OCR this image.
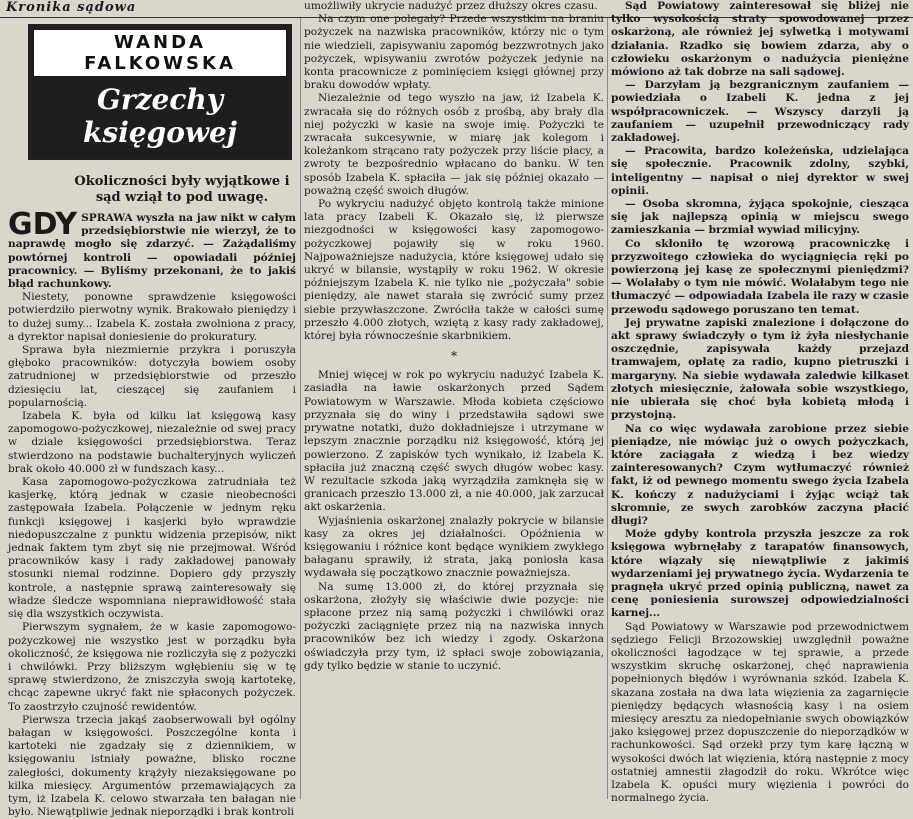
Kronika sądowa
WANDA FALKOWSKA
Grzechy księgowej
Okoliczności były wyjątkowe i sąd wziął to pod uwagę.

GDY SPRAWA wyszła na jaw nikt w całym przedsiębiorstwie nie wierzył, że to naprawdę mogło się zdarzyć. — Zażądaliśmy powtórnej kontroli — opowiadali później pracownicy. — Byliśmy przekonani, że to jakiś błąd rachunkowy.

Niestety, ponowne sprawdzenie księgowości potwierdziło pierwotny wynik. Brakowało pieniędzy i to dużej sumy... Izabela K. została zwolniona z pracy, a dyrektor napisał doniesienie do prokuratury.

Sprawa była niezmiernie przykra i poruszyła głęboko pracowników: dotyczyła bowiem osoby zatrudnionej w przedsiębiorstwie od przeszło dziesięciu lat, cieszącej się zaufaniem i popularnością.

Izabela K. była od kilku lat księgową kasy zapomogowo-pożyczkowej, niezależnie od swej pracy w dziale księgowości przedsiębiorstwa. Teraz stwierdzono na podstawie buchalteryjnych wyliczeń brak około 40.000 zł w fundszach kasy...

Kasa zapomogowo-pożyczkowa zatrudniała też kasjerkę, którą jednak w czasie nieobecności zastępowała Izabela. Połączenie w jednym ręku funkcji księgowej i kasjerki było wprawdzie niedopuszczalne z punktu widzenia przepisów, nikt jednak faktem tym zbyt się nie przejmował. Wśród pracowników kasy i rady zakładowej panowały stosunki niemal rodzinne. Dopiero gdy przyszły kontrole, a następnie sprawą zainteresowały się władze śledcze wspomniana nieprawidłowość stała się dla wszystkich oczywista.

Pierwszym sygnałem, że w kasie zapomogowo-pożyczkowej nie wszystko jest w porządku była okoliczność, że księgowa nie rozliczyła się z pożyczki i chwilówki. Przy bliższym wgłębieniu się w tę sprawę stwierdzono, że zniszczyła swoją kartotekę, chcąc zapewne ukryć fakt nie spłaconych pożyczek. To zaostrzyło czujność rewidentów.

Pierwsza trzecia jakąś zaobserwowali był ogólny bałagan w księgowości. Poszczególne konta i kartoteki nie zgadzały się z dziennikiem, w księgowaniu istniały poważne, blisko roczne zaległości, dokumenty krążyły niezaksięgowane po kilka miesięcy. Argumentów przemawiających za tym, iż Izabela K. celowo stwarzała ten bałagan nie było. Niewątpliwie jednak nieporządki i brak kontroli

umożliwiły ukrycie nadużyć przez dłuższy okres czasu.

Na czym one polegały? Przede wszystkim na braniu pożyczek na nazwiska pracowników, którzy nic o tym nie wiedzieli, zapisywaniu zapomóg bezzwrotnych jako pożyczek, wpisywaniu zwrotów pożyczek jedynie na konta pracownicze z pominięciem księgi głównej przy braku dowodów wpłaty.

Niezależnie od tego wyszło na jaw, iż Izabela K. zwracała się do różnych osób z prośbą, aby brały dla niej pożyczki w kasie na swoje imię. Pożyczki te zwracała sukcesywnie, w miarę jak kolegom i koleżankom strącano raty pożyczek przy liście płacy, a zwroty te bezpośrednio wpłacano do banku. W ten sposób Izabela K. spłaciła — jak się później okazało — poważną część swoich długów.

Po wykryciu nadużyć objęto kontrolą także minione lata pracy Izabeli K. Okazało się, iż pierwsze niezgodności w księgowości kasy zapomogowo-pożyczkowej pojawiły się w roku 1960. Najpoważniejsze nadużycia, które księgowej udało się ukryć w bilansie, wystąpiły w roku 1962. W okresie późniejszym Izabela K. nie tylko nie „pożyczała" sobie pieniędzy, ale nawet starała się zwrócić sumy przez siebie przywłaszczone. Zwróciła także w całości sumę przeszło 4.000 złotych, wziętą z kasy rady zakładowej, której była równocześnie skarbnikiem.

*

Mniej więcej w rok po wykryciu nadużyć Izabela K. zasiadła na ławie oskarżonych przed Sądem Powiatowym w Warszawie. Młoda kobieta częściowo przyznała się do winy i przedstawiła sądowi swe prywatne notatki, dużo dokładniejsze i utrzymane w lepszym znacznie porządku niż księgowość, którą jej powierzono. Z zapisków tych wynikało, iż Izabela K. spłaciła już znaczną część swych długów wobec kasy. W rezultacie szkoda jaką wyrządziła zamknęła się w granicach przeszło 13.000 zł, a nie 40.000, jak zarzucał akt oskarżenia.

Wyjaśnienia oskarżonej znalazły pokrycie w bilansie kasy za okres jej działalności. Opóźnienia w księgowaniu i różnice kont będące wynikiem zwykłego bałaganu sprawiły, iż strata, jaką poniosła kasa wydawała się początkowo znacznie poważniejsza.

Na sumę 13.000 zł, do której przyznała się oskarżona, złożyły się właściwie dwie pozycje: nie spłacone przez nią samą pożyczki i chwilówki oraz pożyczki zaciągnięte przez nią na nazwiska innych pracowników bez ich wiedzy i zgody. Oskarżona oświadczyła przy tym, iż spłaci swoje zobowiązania, gdy tylko będzie w stanie to uczynić.

Sąd Powiatowy zainteresował się bliżej nie tylko wysokością straty spowodowanej przez oskarżoną, ale również jej sylwetką i motywami działania. Rzadko się bowiem zdarza, aby o człowieku oskarżonym o nadużycia pieniężne mówiono aż tak dobrze na sali sądowej.

— Darzyłam ją bezgranicznym zaufaniem — powiedziała o Izabeli K. jedna z jej współpracowniczek. — Wszyscy darzyli ją zaufaniem — uzupełnił przewodniczący rady zakładowej.

— Pracowita, bardzo koleżeńska, udzielająca się społecznie. Pracownik zdolny, szybki, inteligentny — napisał o niej dyrektor w swej opinii.

— Osoba skromna, żyjąca spokojnie, ciesząca się jak najlepszą opinią w miejscu swego zamieszkania — brzmiał wywiad milicyjny.

Co skłoniło tę wzorową pracowniczkę i przyzwoitego człowieka do wyciągnięcia ręki po powierzoną jej kasę ze społecznymi pieniędzmi? — Wolałaby o tym nie mówić. Wolałabym tego nie tłumaczyć — odpowiadała Izabela ile razy w czasie przewodu sądowego poruszano ten temat.

Jej prywatne zapiski znalezione i dołączone do akt sprawy świadczyły o tym iż żyła niesłychanie oszczędnie, zapisywała każdy przejazd tramwajem, opłatę za radio, kupno pietruszki i margaryny. Na siebie wydawała zaledwie kilkaset złotych miesięcznie, żałowała sobie wszystkiego, nie ubierała się choć była kobietą młodą i przystojną.

Na co więc wydawała zarobione przez siebie pieniądze, nie mówiąc już o owych pożyczkach, które zaciągała z wiedzą i bez wiedzy zainteresowanych? Czym wytłumaczyć również fakt, iż od pewnego momentu swego życia Izabela K. kończy z nadużyciami i żyjąc wciąż tak skromnie, ze swych zarobków zaczyna płacić długi?

Może gdyby kontrola przyszła jeszcze za rok księgowa wybrnęłaby z tarapatów finansowych, które wiązały się niewątpliwie z jakimiś wydarzeniami jej prywatnego życia. Wydarzenia te pragnęła ukryć przed opinią publiczną, nawet za cenę poniesienia surowszej odpowiedzialności karnej...

Sąd Powiatowy w Warszawie pod przewodnictwem sędziego Felicji Brzozowskiej uwzględnił poważne okoliczności łagodzące w tej sprawie, a przede wszystkim skruchę oskarżonej, chęć naprawienia popełnionych błędów i wyrównania szkód. Izabela K. skazana została na dwa lata więzienia za zagarnięcie pieniędzy będących własnością kasy i na osiem miesięcy aresztu za niedopełnianie swych obowiązków jako księgowej przez dopuszczenie do nieporządków w rachunkowości. Sąd orzekł przy tym karę łączną w wysokości dwóch lat więzienia, którą następnie z mocy ostatniej amnestii złagodził do roku. Wkrótce więc Izabela K. opuści mury więzienia i powróci do normalnego życia.
